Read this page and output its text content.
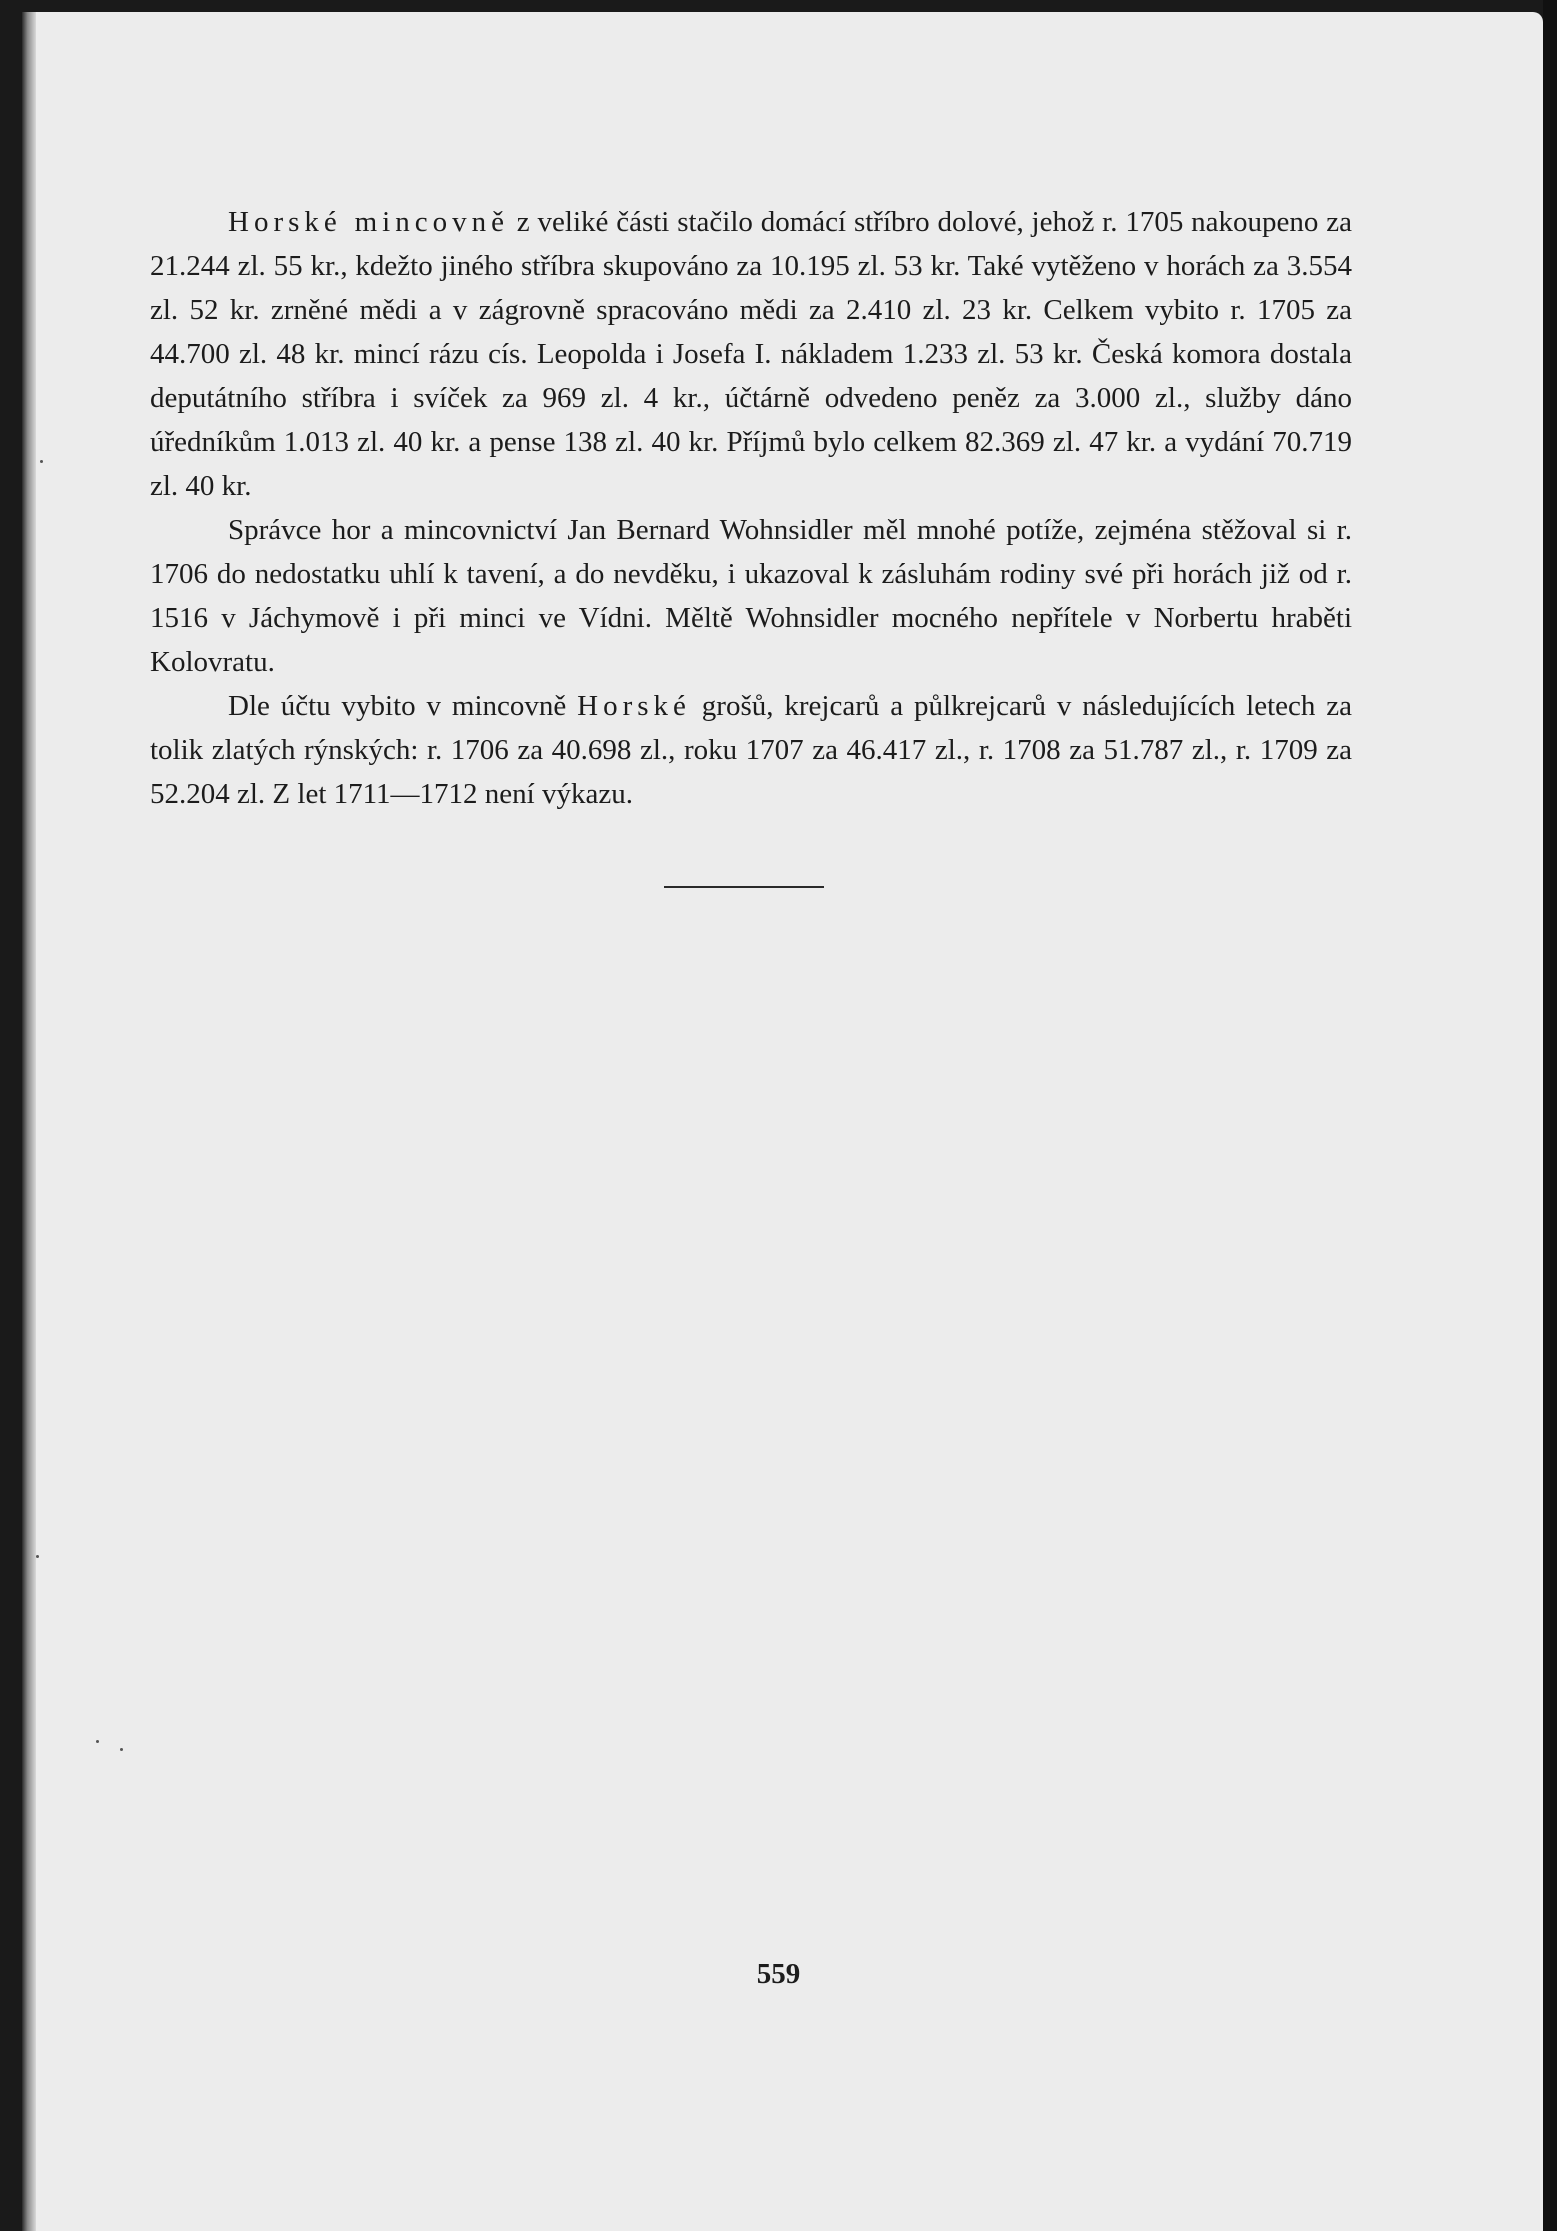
Horské mincovně z veliké části stačilo domácí stříbro dolové, jehož r. 1705 nakoupeno za 21.244 zl. 55 kr., kdežto jiného stříbra skupováno za 10.195 zl. 53 kr. Také vytěženo v horách za 3.554 zl. 52 kr. zrněné mědi a v zágrovně spracováno mědi za 2.410 zl. 23 kr. Celkem vybito r. 1705 za 44.700 zl. 48 kr. mincí rázu cís. Leopolda i Josefa I. nákladem 1.233 zl. 53 kr. Česká komora dostala deputátního stříbra i svíček za 969 zl. 4 kr., účtárně odvedeno peněz za 3.000 zl., služby dáno úředníkům 1.013 zl. 40 kr. a pense 138 zl. 40 kr. Příjmů bylo celkem 82.369 zl. 47 kr. a vydání 70.719 zl. 40 kr.

Správce hor a mincovnictví Jan Bernard Wohnsidler měl mnohé potíže, zejména stěžoval si r. 1706 do nedostatku uhlí k tavení, a do nevděku, i ukazoval k zásluhám rodiny své při horách již od r. 1516 v Jáchymově i při minci ve Vídni. Měltě Wohnsidler mocného nepřítele v Norbertu hraběti Kolovratu.

Dle účtu vybito v mincovně Horské grošů, krejcarů a půlkrejcarů v následujících letech za tolik zlatých rýnských: r. 1706 za 40.698 zl., roku 1707 za 46.417 zl., r. 1708 za 51.787 zl., r. 1709 za 52.204 zl. Z let 1711—1712 není výkazu.

559
